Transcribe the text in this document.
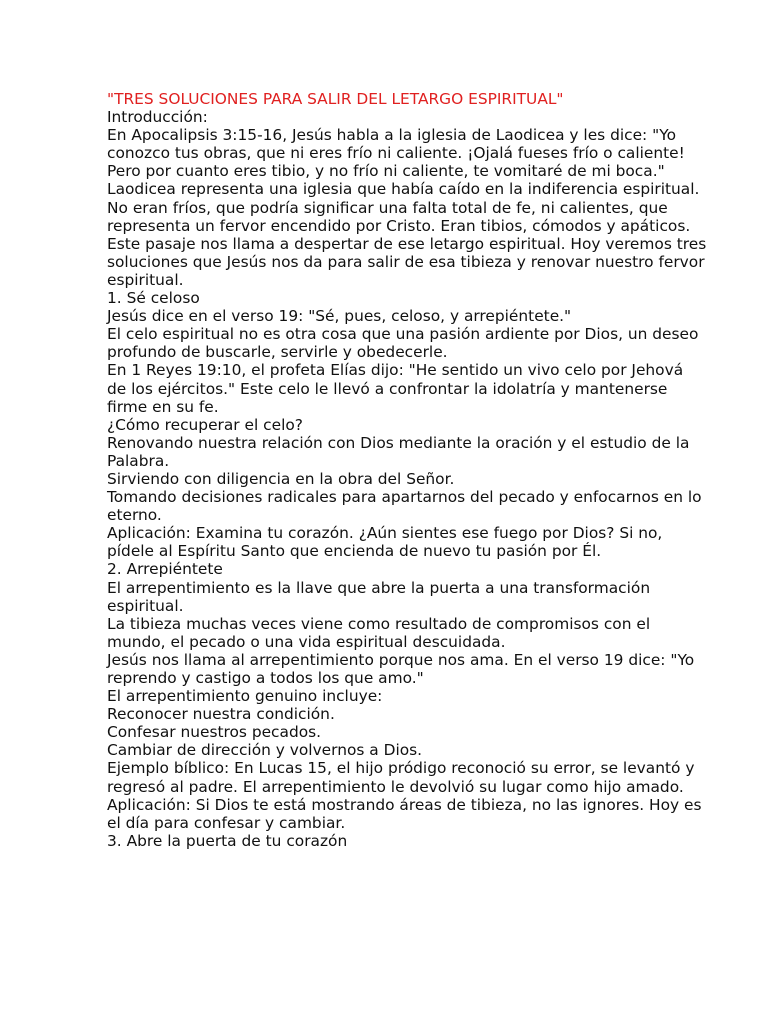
"TRES SOLUCIONES PARA SALIR DEL LETARGO ESPIRITUAL"

Introducción:

En Apocalipsis 3:15-16, Jesús habla a la iglesia de Laodicea y les dice: "Yo conozco tus obras, que ni eres frío ni caliente. ¡Ojalá fueses frío o caliente! Pero por cuanto eres tibio, y no frío ni caliente, te vomitaré de mi boca."

Laodicea representa una iglesia que había caído en la indiferencia espiritual. No eran fríos, que podría significar una falta total de fe, ni calientes, que representa un fervor encendido por Cristo. Eran tibios, cómodos y apáticos. Este pasaje nos llama a despertar de ese letargo espiritual. Hoy veremos tres soluciones que Jesús nos da para salir de esa tibieza y renovar nuestro fervor espiritual.

1. Sé celoso

Jesús dice en el verso 19: "Sé, pues, celoso, y arrepiéntete."

El celo espiritual no es otra cosa que una pasión ardiente por Dios, un deseo profundo de buscarle, servirle y obedecerle.

En 1 Reyes 19:10, el profeta Elías dijo: "He sentido un vivo celo por Jehová de los ejércitos." Este celo le llevó a confrontar la idolatría y mantenerse firme en su fe.

¿Cómo recuperar el celo?

Renovando nuestra relación con Dios mediante la oración y el estudio de la Palabra.

Sirviendo con diligencia en la obra del Señor.

Tomando decisiones radicales para apartarnos del pecado y enfocarnos en lo eterno.

Aplicación: Examina tu corazón. ¿Aún sientes ese fuego por Dios? Si no, pídele al Espíritu Santo que encienda de nuevo tu pasión por Él.

2. Arrepiéntete

El arrepentimiento es la llave que abre la puerta a una transformación espiritual.

La tibieza muchas veces viene como resultado de compromisos con el mundo, el pecado o una vida espiritual descuidada.

Jesús nos llama al arrepentimiento porque nos ama. En el verso 19 dice: "Yo reprendo y castigo a todos los que amo."

El arrepentimiento genuino incluye:

Reconocer nuestra condición.

Confesar nuestros pecados.

Cambiar de dirección y volvernos a Dios.

Ejemplo bíblico: En Lucas 15, el hijo pródigo reconoció su error, se levantó y regresó al padre. El arrepentimiento le devolvió su lugar como hijo amado.

Aplicación: Si Dios te está mostrando áreas de tibieza, no las ignores. Hoy es el día para confesar y cambiar.

3. Abre la puerta de tu corazón
